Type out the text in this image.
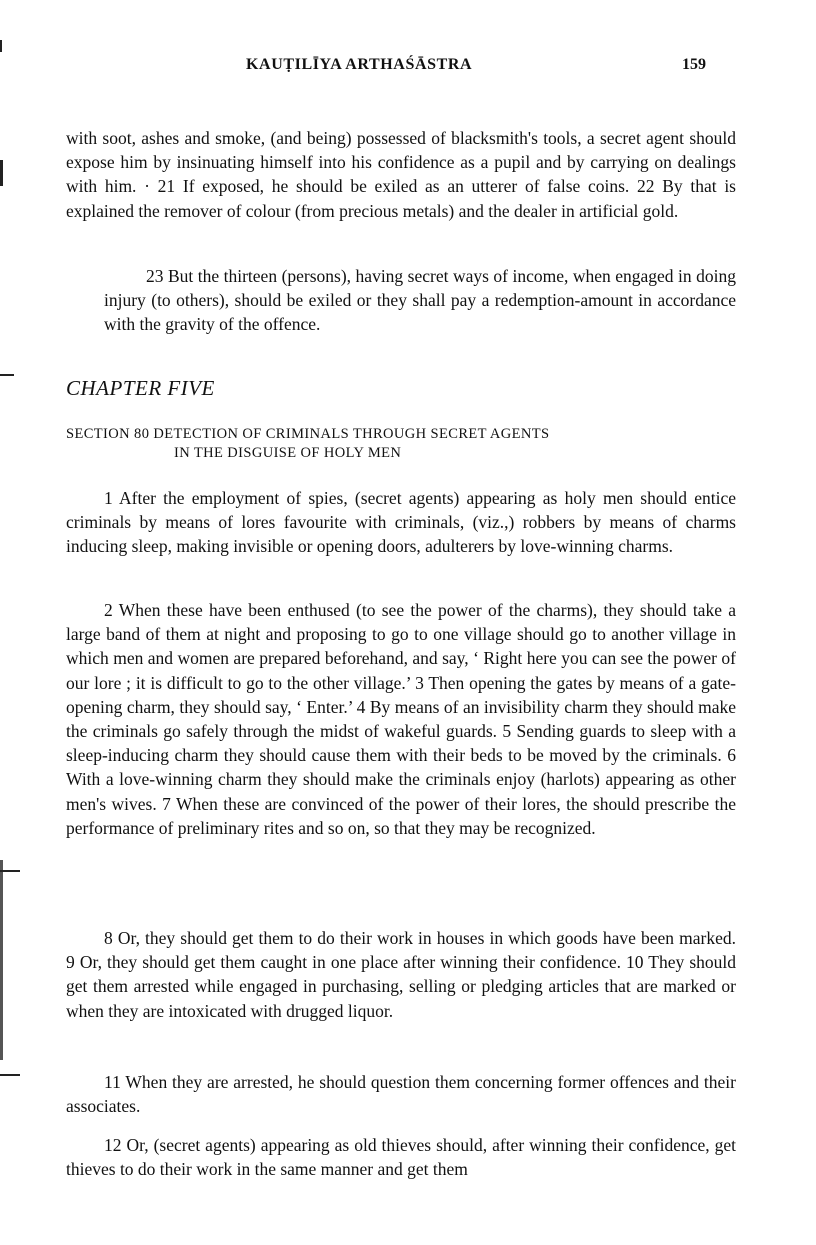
KAUṬILĪYA ARTHAŚĀSTRA	159

with soot, ashes and smoke, (and being) possessed of blacksmith's tools, a secret agent should expose him by insinuating himself into his confidence as a pupil and by carrying on dealings with him. · 21 If exposed, he should be exiled as an utterer of false coins. 22 By that is explained the remover of colour (from precious metals) and the dealer in artificial gold.

23 But the thirteen (persons), having secret ways of income, when engaged in doing injury (to others), should be exiled or they shall pay a redemption-amount in accordance with the gravity of the offence.

CHAPTER FIVE
SECTION 80 DETECTION OF CRIMINALS THROUGH SECRET AGENTS
IN THE DISGUISE OF HOLY MEN

1 After the employment of spies, (secret agents) appearing as holy men should entice criminals by means of lores favourite with criminals, (viz.,) robbers by means of charms inducing sleep, making invisible or opening doors, adulterers by love-winning charms.

2 When these have been enthused (to see the power of the charms), they should take a large band of them at night and proposing to go to one village should go to another village in which men and women are prepared beforehand, and say, ‘ Right here you can see the power of our lore ; it is difficult to go to the other village.’ 3 Then opening the gates by means of a gate-opening charm, they should say, ‘ Enter.’ 4 By means of an invisibility charm they should make the criminals go safely through the midst of wakeful guards. 5 Sending guards to sleep with a sleep-inducing charm they should cause them with their beds to be moved by the criminals. 6 With a love-winning charm they should make the criminals enjoy (harlots) appearing as other men's wives. 7 When these are convinced of the power of their lores, the should prescribe the performance of preliminary rites and so on, so that they may be recognized.

8 Or, they should get them to do their work in houses in which goods have been marked. 9 Or, they should get them caught in one place after winning their confidence. 10 They should get them arrested while engaged in purchasing, selling or pledging articles that are marked or when they are intoxicated with drugged liquor.

11 When they are arrested, he should question them concerning former offences and their associates.

12 Or, (secret agents) appearing as old thieves should, after winning their confidence, get thieves to do their work in the same manner and get them
